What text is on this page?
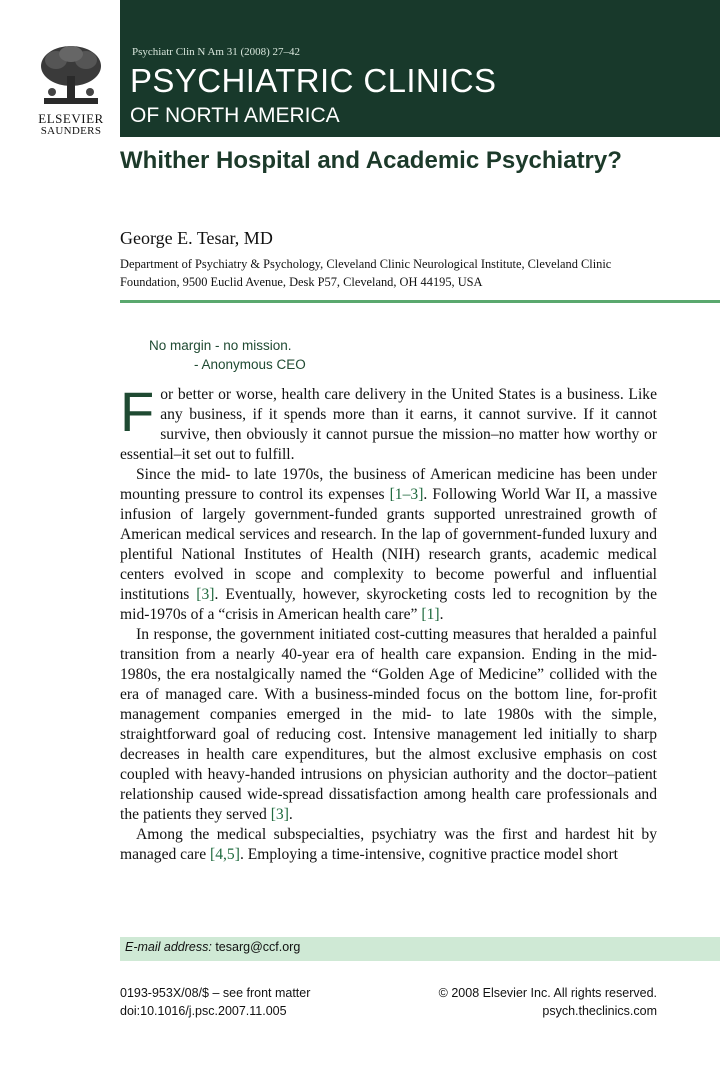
ELSEVIER
SAUNDERS
Psychiatr Clin N Am 31 (2008) 27–42
PSYCHIATRIC CLINICS
OF NORTH AMERICA
Whither Hospital and Academic Psychiatry?
George E. Tesar, MD
Department of Psychiatry & Psychology, Cleveland Clinic Neurological Institute, Cleveland Clinic Foundation, 9500 Euclid Avenue, Desk P57, Cleveland, OH 44195, USA
No margin - no mission.
- Anonymous CEO

For better or worse, health care delivery in the United States is a business. Like any business, if it spends more than it earns, it cannot survive. If it cannot survive, then obviously it cannot pursue the mission–no matter how worthy or essential–it set out to fulfill.

Since the mid- to late 1970s, the business of American medicine has been under mounting pressure to control its expenses [1–3]. Following World War II, a massive infusion of largely government-funded grants supported unrestrained growth of American medical services and research. In the lap of government-funded luxury and plentiful National Institutes of Health (NIH) research grants, academic medical centers evolved in scope and complexity to become powerful and influential institutions [3]. Eventually, however, skyrocketing costs led to recognition by the mid-1970s of a “crisis in American health care” [1].

In response, the government initiated cost-cutting measures that heralded a painful transition from a nearly 40-year era of health care expansion. Ending in the mid-1980s, the era nostalgically named the “Golden Age of Medicine” collided with the era of managed care. With a business-minded focus on the bottom line, for-profit management companies emerged in the mid- to late 1980s with the simple, straightforward goal of reducing cost. Intensive management led initially to sharp decreases in health care expenditures, but the almost exclusive emphasis on cost coupled with heavy-handed intrusions on physician authority and the doctor–patient relationship caused wide-spread dissatisfaction among health care professionals and the patients they served [3].

Among the medical subspecialties, psychiatry was the first and hardest hit by managed care [4,5]. Employing a time-intensive, cognitive practice model short

E-mail address: tesarg@ccf.org
0193-953X/08/$ – see front matter
doi:10.1016/j.psc.2007.11.005
© 2008 Elsevier Inc. All rights reserved.
psych.theclinics.com
